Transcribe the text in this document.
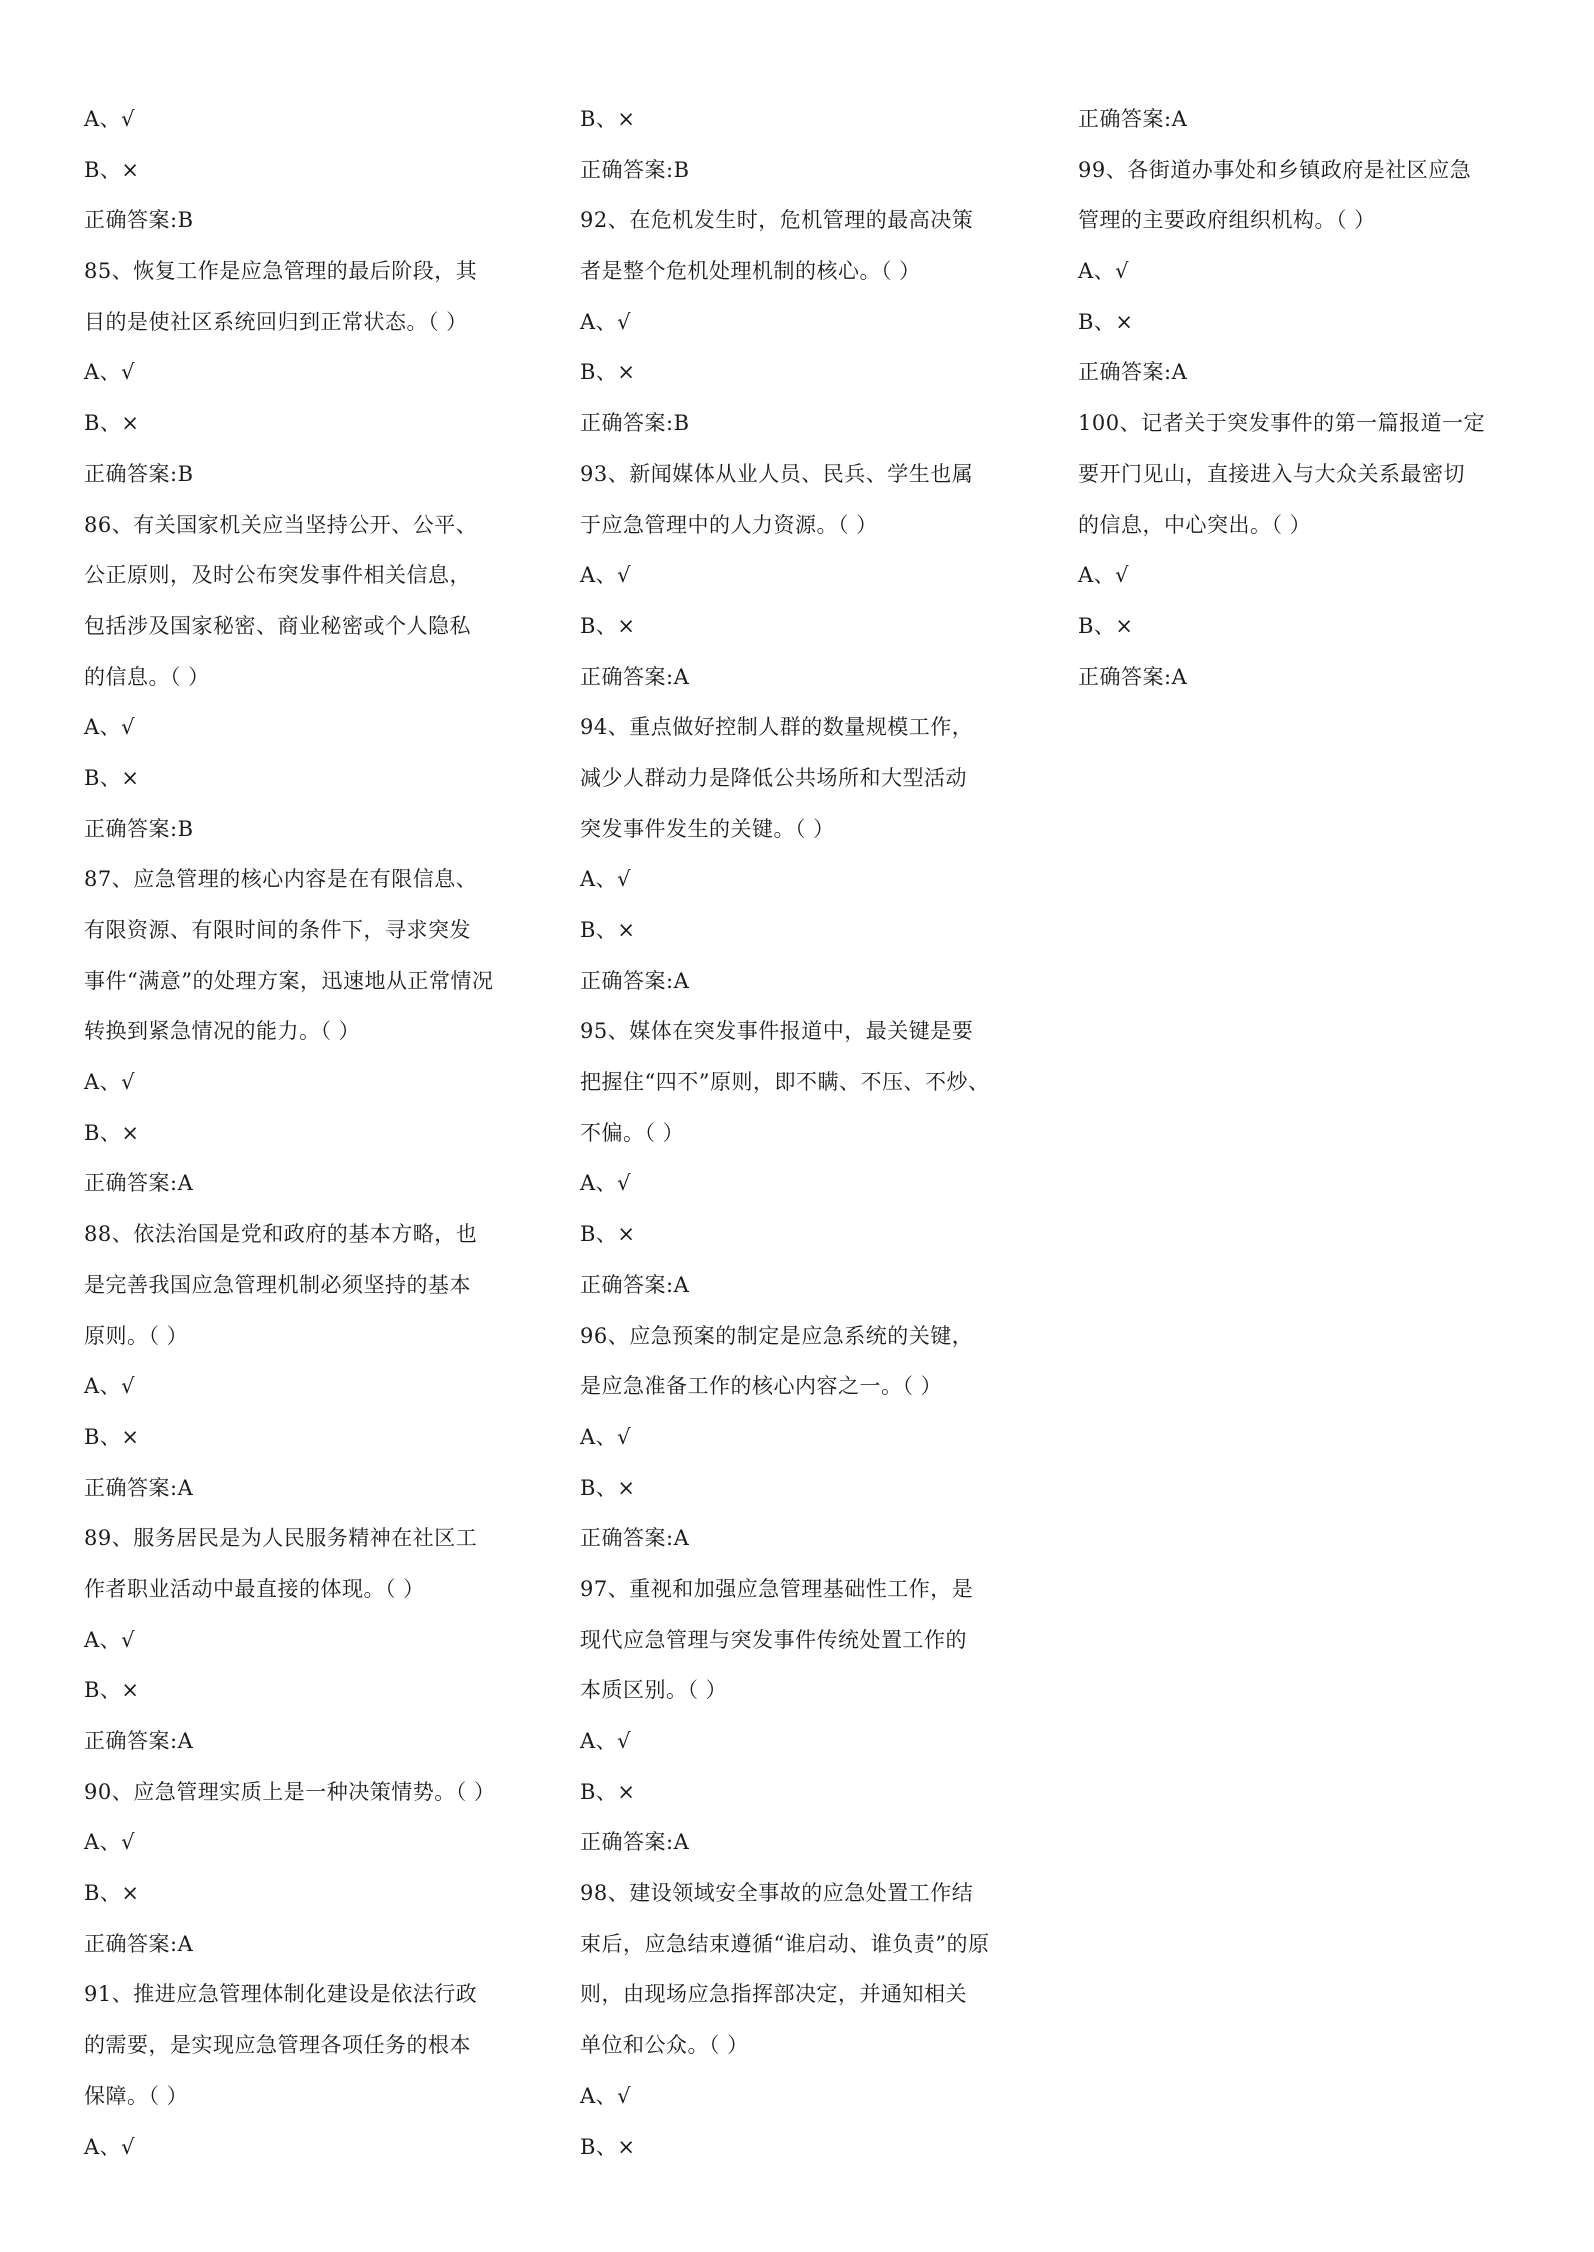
A、√
B、×
正确答案:B
85、恢复工作是应急管理的最后阶段，其
目的是使社区系统回归到正常状态。（ ）
A、√
B、×
正确答案:B
86、有关国家机关应当坚持公开、公平、
公正原则，及时公布突发事件相关信息，
包括涉及国家秘密、商业秘密或个人隐私
的信息。（ ）
A、√
B、×
正确答案:B
87、应急管理的核心内容是在有限信息、
有限资源、有限时间的条件下，寻求突发
事件“满意”的处理方案，迅速地从正常情况
转换到紧急情况的能力。（ ）
A、√
B、×
正确答案:A
88、依法治国是党和政府的基本方略，也
是完善我国应急管理机制必须坚持的基本
原则。（ ）
A、√
B、×
正确答案:A
89、服务居民是为人民服务精神在社区工
作者职业活动中最直接的体现。（ ）
A、√
B、×
正确答案:A
90、应急管理实质上是一种决策情势。（ ）
A、√
B、×
正确答案:A
91、推进应急管理体制化建设是依法行政
的需要，是实现应急管理各项任务的根本
保障。（ ）
A、√
B、×
正确答案:B
92、在危机发生时，危机管理的最高决策
者是整个危机处理机制的核心。（ ）
A、√
B、×
正确答案:B
93、新闻媒体从业人员、民兵、学生也属
于应急管理中的人力资源。（ ）
A、√
B、×
正确答案:A
94、重点做好控制人群的数量规模工作，
减少人群动力是降低公共场所和大型活动
突发事件发生的关键。（ ）
A、√
B、×
正确答案:A
95、媒体在突发事件报道中，最关键是要
把握住“四不”原则，即不瞒、不压、不炒、
不偏。（ ）
A、√
B、×
正确答案:A
96、应急预案的制定是应急系统的关键，
是应急准备工作的核心内容之一。（ ）
A、√
B、×
正确答案:A
97、重视和加强应急管理基础性工作，是
现代应急管理与突发事件传统处置工作的
本质区别。（ ）
A、√
B、×
正确答案:A
98、建设领域安全事故的应急处置工作结
束后，应急结束遵循“谁启动、谁负责”的原
则，由现场应急指挥部决定，并通知相关
单位和公众。（ ）
A、√
B、×
正确答案:A
99、各街道办事处和乡镇政府是社区应急
管理的主要政府组织机构。（ ）
A、√
B、×
正确答案:A
100、记者关于突发事件的第一篇报道一定
要开门见山，直接进入与大众关系最密切
的信息，中心突出。（ ）
A、√
B、×
正确答案:A
